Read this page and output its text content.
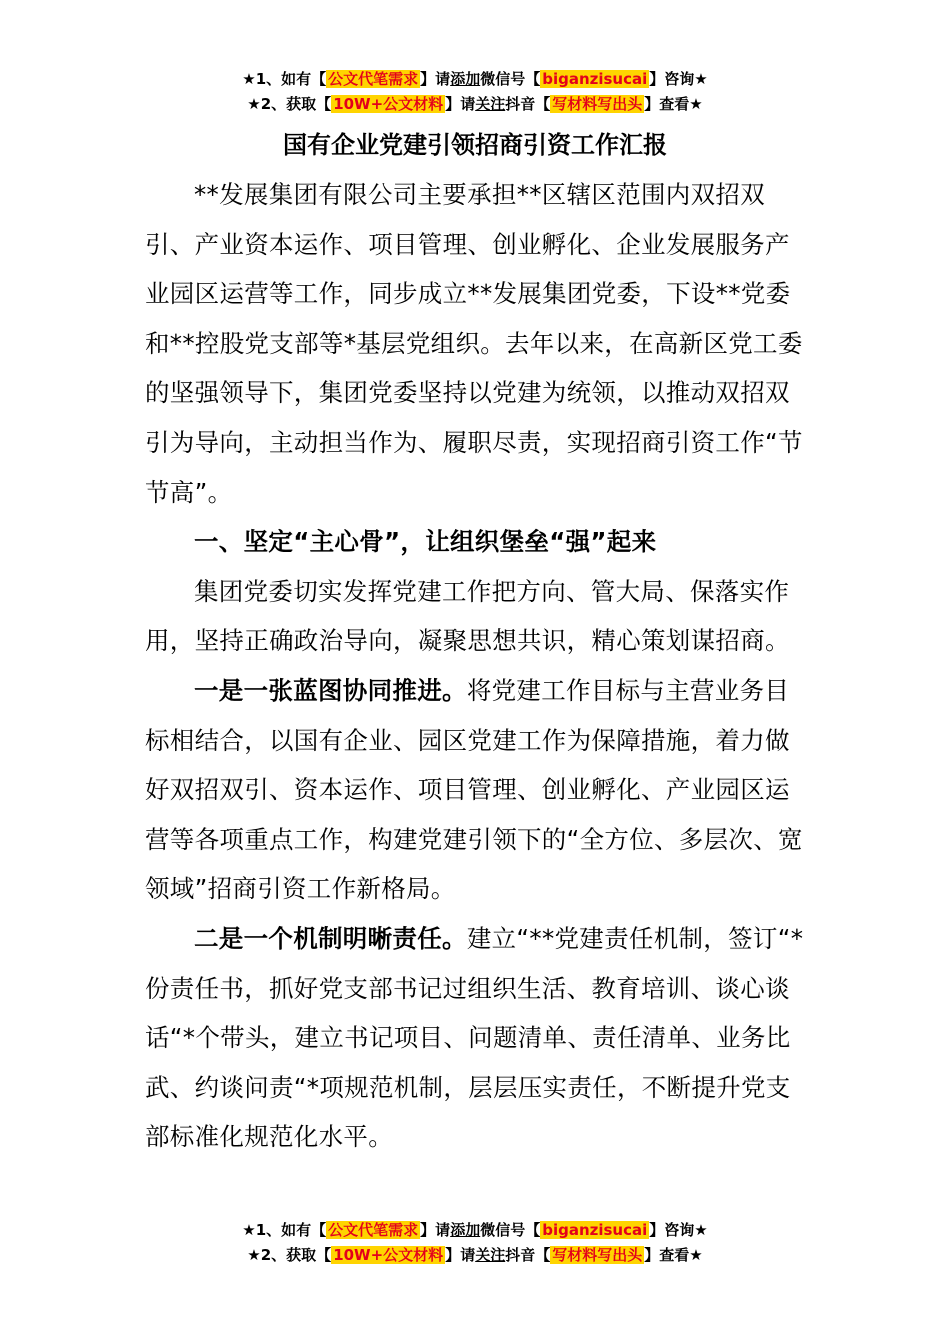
★1、如有【 公文代笔需求 】请添加微信号【 biganzisucai 】咨询★
★2、获取【 10W+公文材料 】请关注抖音【 写材料写出头 】查看★
国有企业党建引领招商引资工作汇报

**发展集团有限公司主要承担**区辖区范围内双招双引、产业资本运作、项目管理、创业孵化、企业发展服务产业园区运营等工作，同步成立**发展集团党委，下设**党委和**控股党支部等*基层党组织。去年以来，在高新区党工委的坚强领导下，集团党委坚持以党建为统领，以推动双招双引为导向，主动担当作为、履职尽责，实现招商引资工作“节节高”。

一、坚定“主心骨”，让组织堡垒“强”起来

集团党委切实发挥党建工作把方向、管大局、保落实作用，坚持正确政治导向，凝聚思想共识，精心策划谋招商。

一是一张蓝图协同推进。将党建工作目标与主营业务目标相结合，以国有企业、园区党建工作为保障措施，着力做好双招双引、资本运作、项目管理、创业孵化、产业园区运营等各项重点工作，构建党建引领下的“全方位、多层次、宽领域”招商引资工作新格局。

二是一个机制明晰责任。建立“**党建责任机制，签订“*份责任书，抓好党支部书记过组织生活、教育培训、谈心谈话“*个带头，建立书记项目、问题清单、责任清单、业务比武、约谈问责“*项规范机制，层层压实责任，不断提升党支部标准化规范化水平。

★1、如有【 公文代笔需求 】请添加微信号【 biganzisucai 】咨询★
★2、获取【 10W+公文材料 】请关注抖音【 写材料写出头 】查看★
